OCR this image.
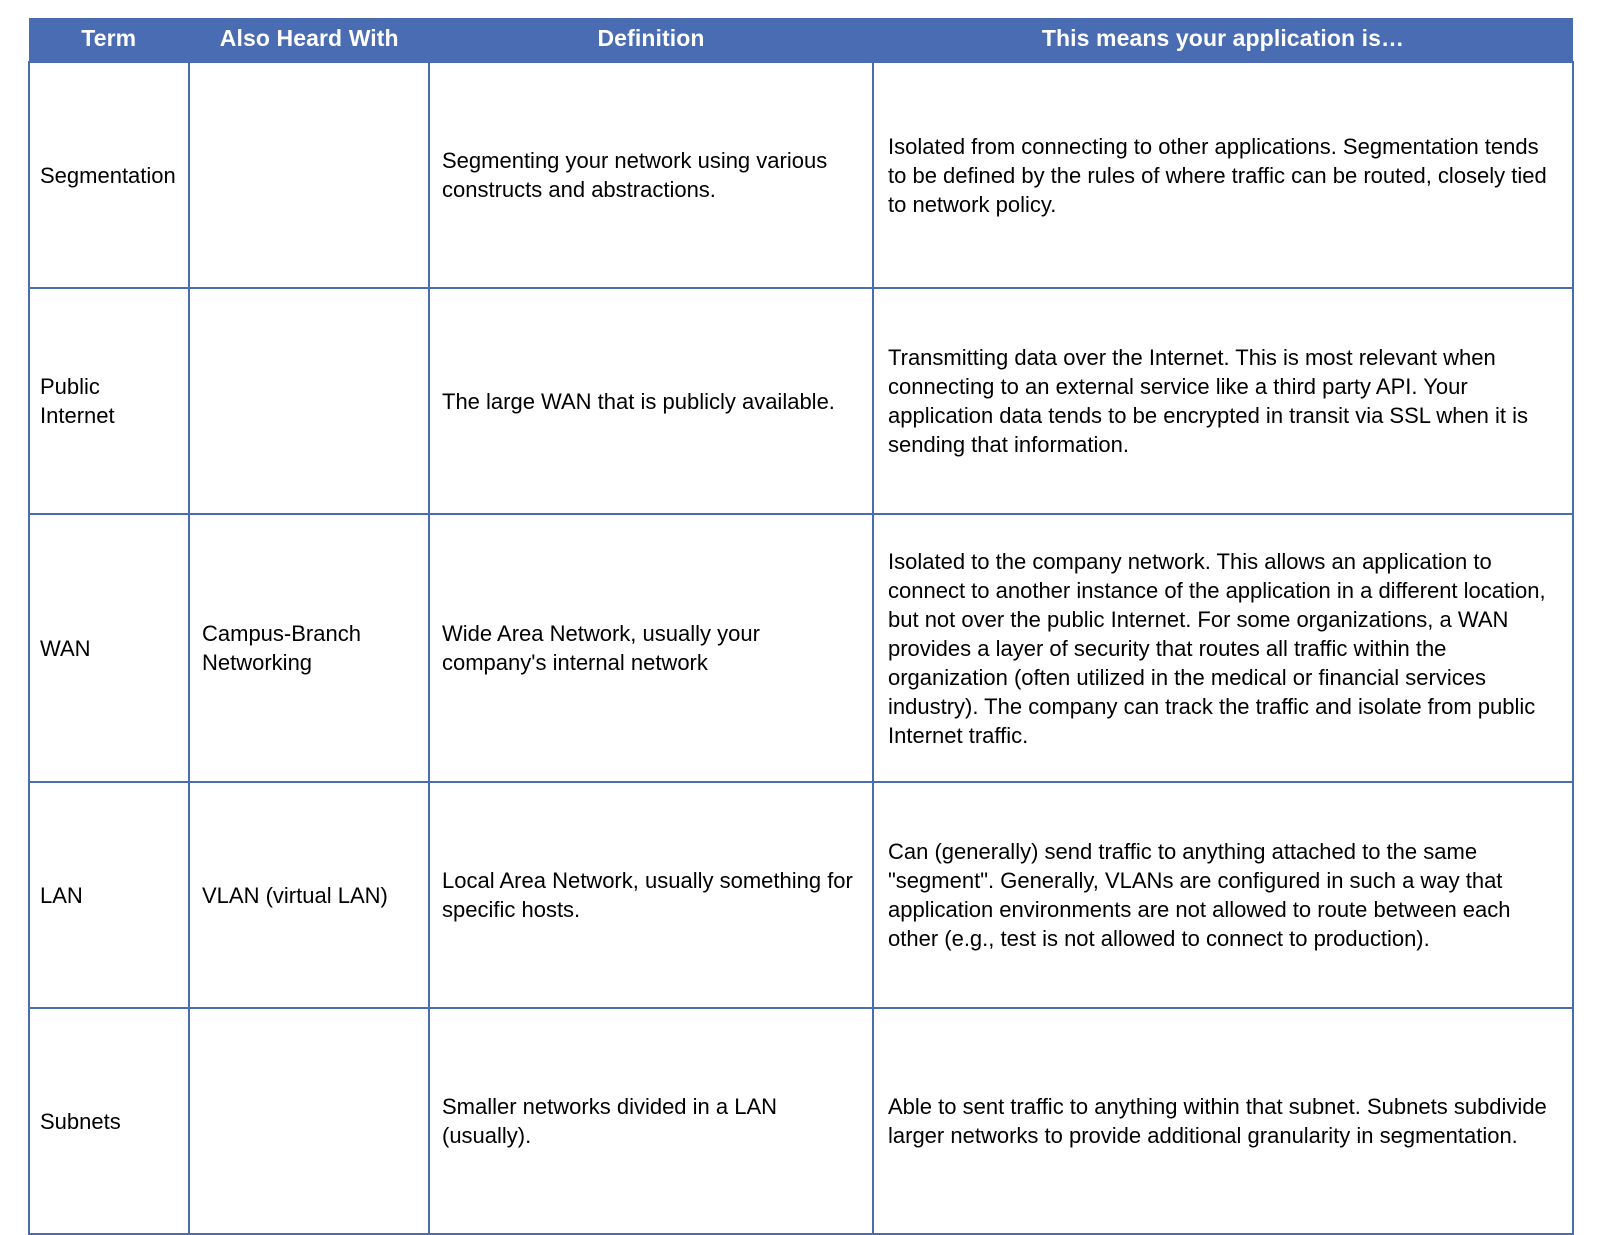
Term	Also Heard With	Definition	This means your application is…
Segmentation		Segmenting your network using various constructs and abstractions.	Isolated from connecting to other applications. Segmentation tends to be defined by the rules of where traffic can be routed, closely tied to network policy.
Public Internet		The large WAN that is publicly available.	Transmitting data over the Internet. This is most relevant when connecting to an external service like a third party API. Your application data tends to be encrypted in transit via SSL when it is sending that information.
WAN	Campus-Branch Networking	Wide Area Network, usually your company's internal network	Isolated to the company network. This allows an application to connect to another instance of the application in a different location, but not over the public Internet. For some organizations, a WAN provides a layer of security that routes all traffic within the organization (often utilized in the medical or financial services industry). The company can track the traffic and isolate from public Internet traffic.
LAN	VLAN (virtual LAN)	Local Area Network, usually something for specific hosts.	Can (generally) send traffic to anything attached to the same "segment". Generally, VLANs are configured in such a way that application environments are not allowed to route between each other (e.g., test is not allowed to connect to production).
Subnets		Smaller networks divided in a LAN (usually).	Able to sent traffic to anything within that subnet. Subnets subdivide larger networks to provide additional granularity in segmentation.
